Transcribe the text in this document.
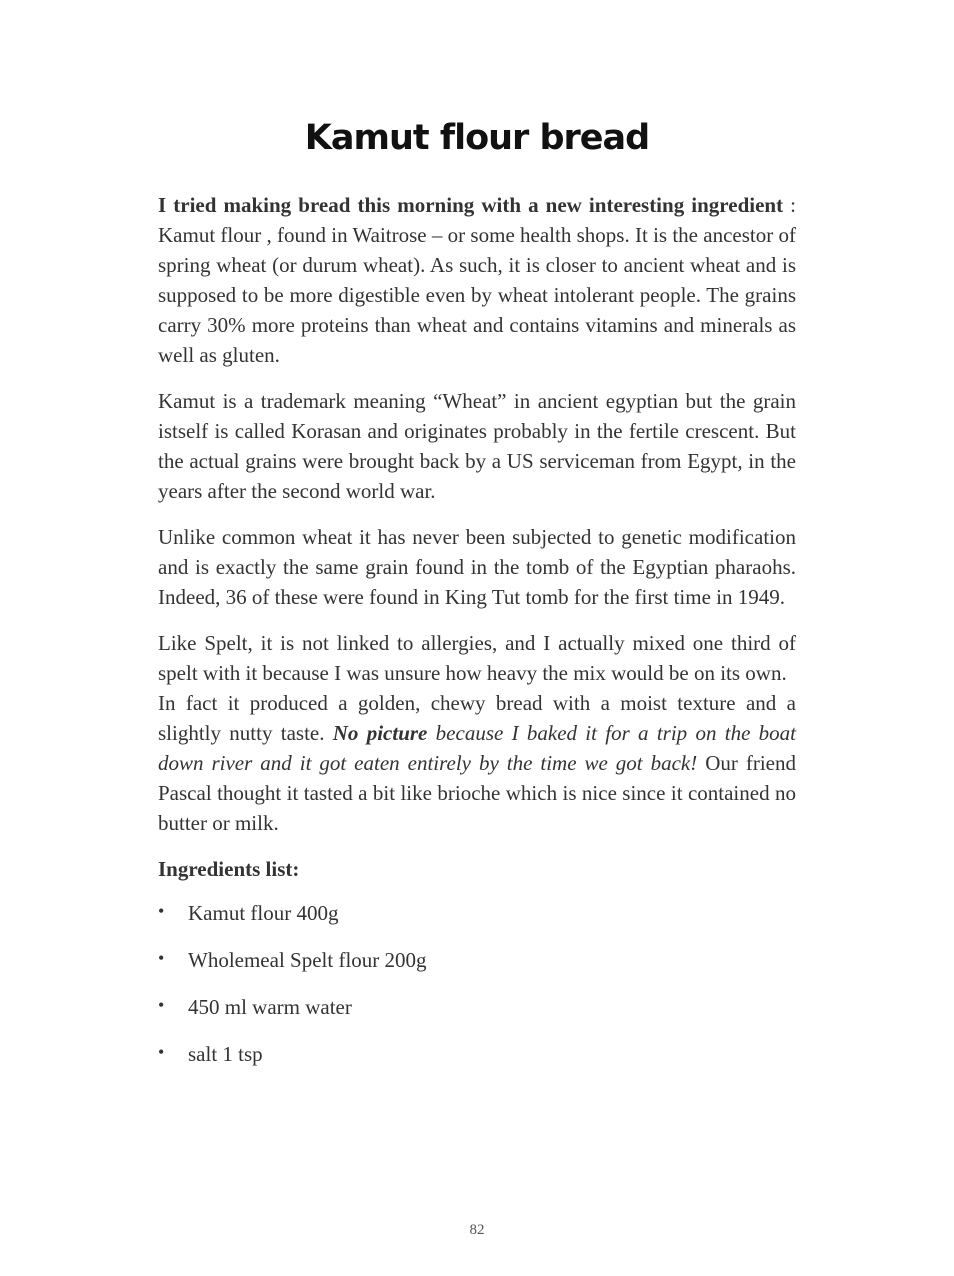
Kamut flour bread

I tried making bread this morning with a new interesting ingredient : Kamut flour , found in Waitrose – or some health shops. It is the ancestor of spring wheat (or durum wheat). As such, it is closer to ancient wheat and is supposed to be more digestible even by wheat intolerant people. The grains carry 30% more proteins than wheat and contains vitamins and minerals as well as gluten.

Kamut is a trademark meaning “Wheat” in ancient egyptian but the grain istself is called Korasan and originates probably in the fertile crescent. But the actual grains were brought back by a US serviceman from Egypt, in the years after the second world war.

Unlike common wheat it has never been subjected to genetic modification and is exactly the same grain found in the tomb of the Egyptian pharaohs. Indeed, 36 of these were found in King Tut tomb for the first time in 1949.

Like Spelt, it is not linked to allergies, and I actually mixed one third of spelt with it because I was unsure how heavy the mix would be on its own.

In fact it produced a golden, chewy bread with a moist texture and a slightly nutty taste. No picture because I baked it for a trip on the boat down river and it got eaten entirely by the time we got back! Our friend Pascal thought it tasted a bit like brioche which is nice since it contained no butter or milk.

Ingredients list:

• Kamut flour 400g
• Wholemeal Spelt flour 200g
• 450 ml warm water
• salt 1 tsp
82
